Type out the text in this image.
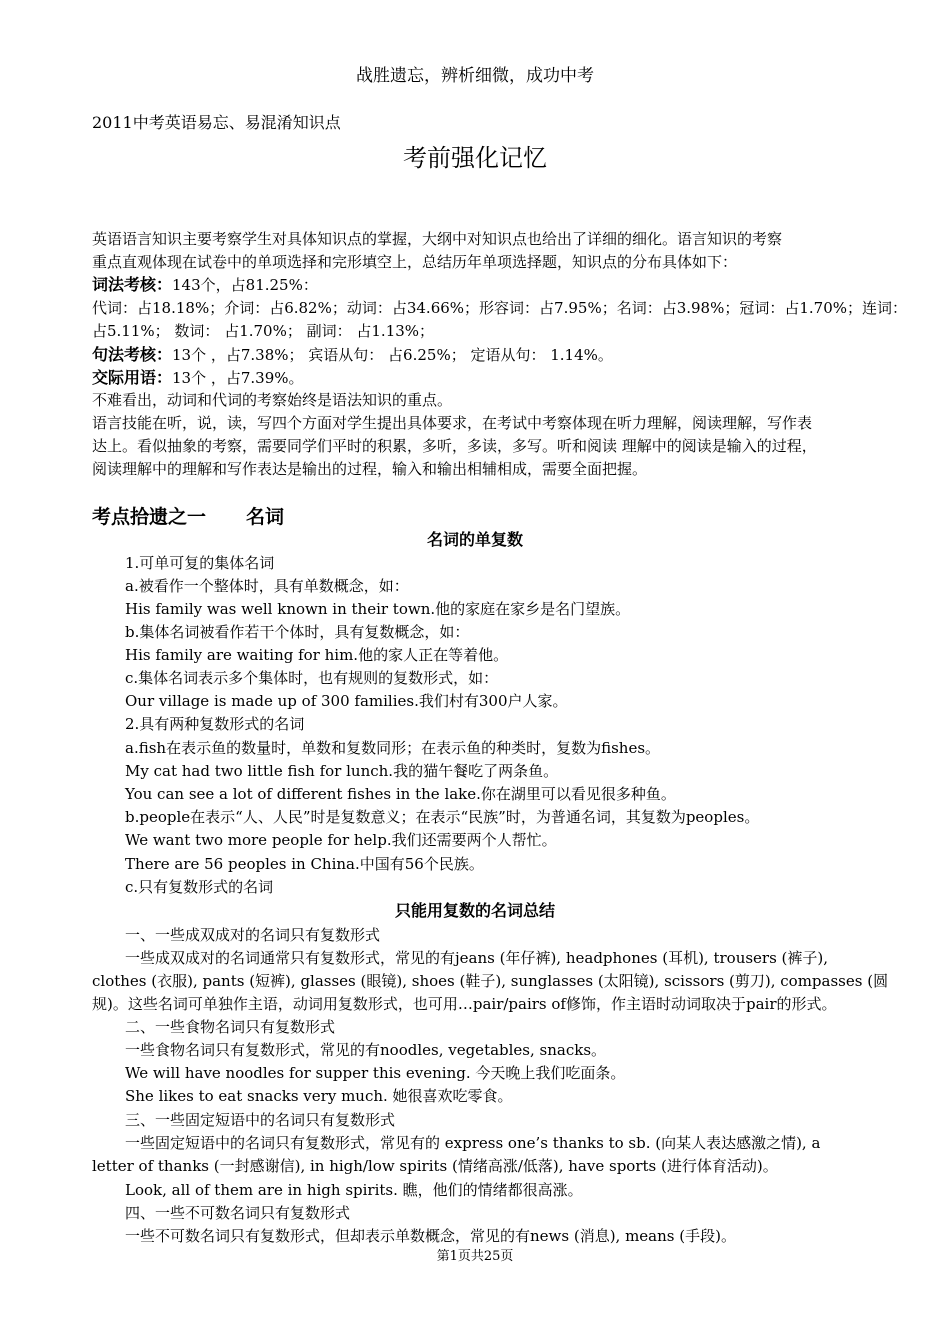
战胜遗忘，辨析细微，成功中考
2011中考英语易忘、易混淆知识点
考前强化记忆
英语语言知识主要考察学生对具体知识点的掌握，大纲中对知识点也给出了详细的细化。语言知识的考察
重点直观体现在试卷中的单项选择和完形填空上，总结历年单项选择题，知识点的分布具体如下：
词法考核：143个，占81.25%：
代词：占18.18%；介词：占6.82%；动词：占34.66%；形容词：占7.95%；名词：占3.98%；冠词：占1.70%；连词：
占5.11%； 数词： 占1.70%； 副词： 占1.13%；
句法考核：13个 ，占7.38%； 宾语从句： 占6.25%； 定语从句： 1.14%。
交际用语：13个 ，占7.39%。
不难看出，动词和代词的考察始终是语法知识的重点。
语言技能在听，说，读，写四个方面对学生提出具体要求，在考试中考察体现在听力理解，阅读理解，写作表
达上。看似抽象的考察，需要同学们平时的积累，多听，多读，多写。听和阅读 理解中的阅读是输入的过程，
阅读理解中的理解和写作表达是输出的过程，输入和输出相辅相成，需要全面把握。
考点拾遗之一 名词
名词的单复数
1.可单可复的集体名词
a.被看作一个整体时，具有单数概念，如：
His family was well known in their town.他的家庭在家乡是名门望族。
b.集体名词被看作若干个体时，具有复数概念，如：
His family are waiting for him.他的家人正在等着他。
c.集体名词表示多个集体时，也有规则的复数形式，如：
Our village is made up of 300 families.我们村有300户人家。
2.具有两种复数形式的名词
a.fish在表示鱼的数量时，单数和复数同形；在表示鱼的种类时，复数为fishes。
My cat had two little fish for lunch.我的猫午餐吃了两条鱼。
You can see a lot of different fishes in the lake.你在湖里可以看见很多种鱼。
b.people在表示“人、人民”时是复数意义；在表示“民族”时，为普通名词，其复数为peoples。
We want two more people for help.我们还需要两个人帮忙。
There are 56 peoples in China.中国有56个民族。
c.只有复数形式的名词
只能用复数的名词总结
一、一些成双成对的名词只有复数形式
一些成双成对的名词通常只有复数形式，常见的有jeans (年仔裤), headphones (耳机), trousers (裤子),
clothes (衣服), pants (短裤), glasses (眼镜), shoes (鞋子), sunglasses (太阳镜), scissors (剪刀), compasses (圆
规)。这些名词可单独作主语，动词用复数形式，也可用…pair/pairs of修饰，作主语时动词取决于pair的形式。
二、一些食物名词只有复数形式
一些食物名词只有复数形式，常见的有noodles, vegetables, snacks。
We will have noodles for supper this evening. 今天晚上我们吃面条。
She likes to eat snacks very much. 她很喜欢吃零食。
三、一些固定短语中的名词只有复数形式
一些固定短语中的名词只有复数形式，常见有的 express one’s thanks to sb. (向某人表达感激之情), a
letter of thanks (一封感谢信), in high/low spirits (情绪高涨/低落), have sports (进行体育活动)。
Look, all of them are in high spirits. 瞧，他们的情绪都很高涨。
四、一些不可数名词只有复数形式
一些不可数名词只有复数形式，但却表示单数概念，常见的有news (消息), means (手段)。
第1页共25页
